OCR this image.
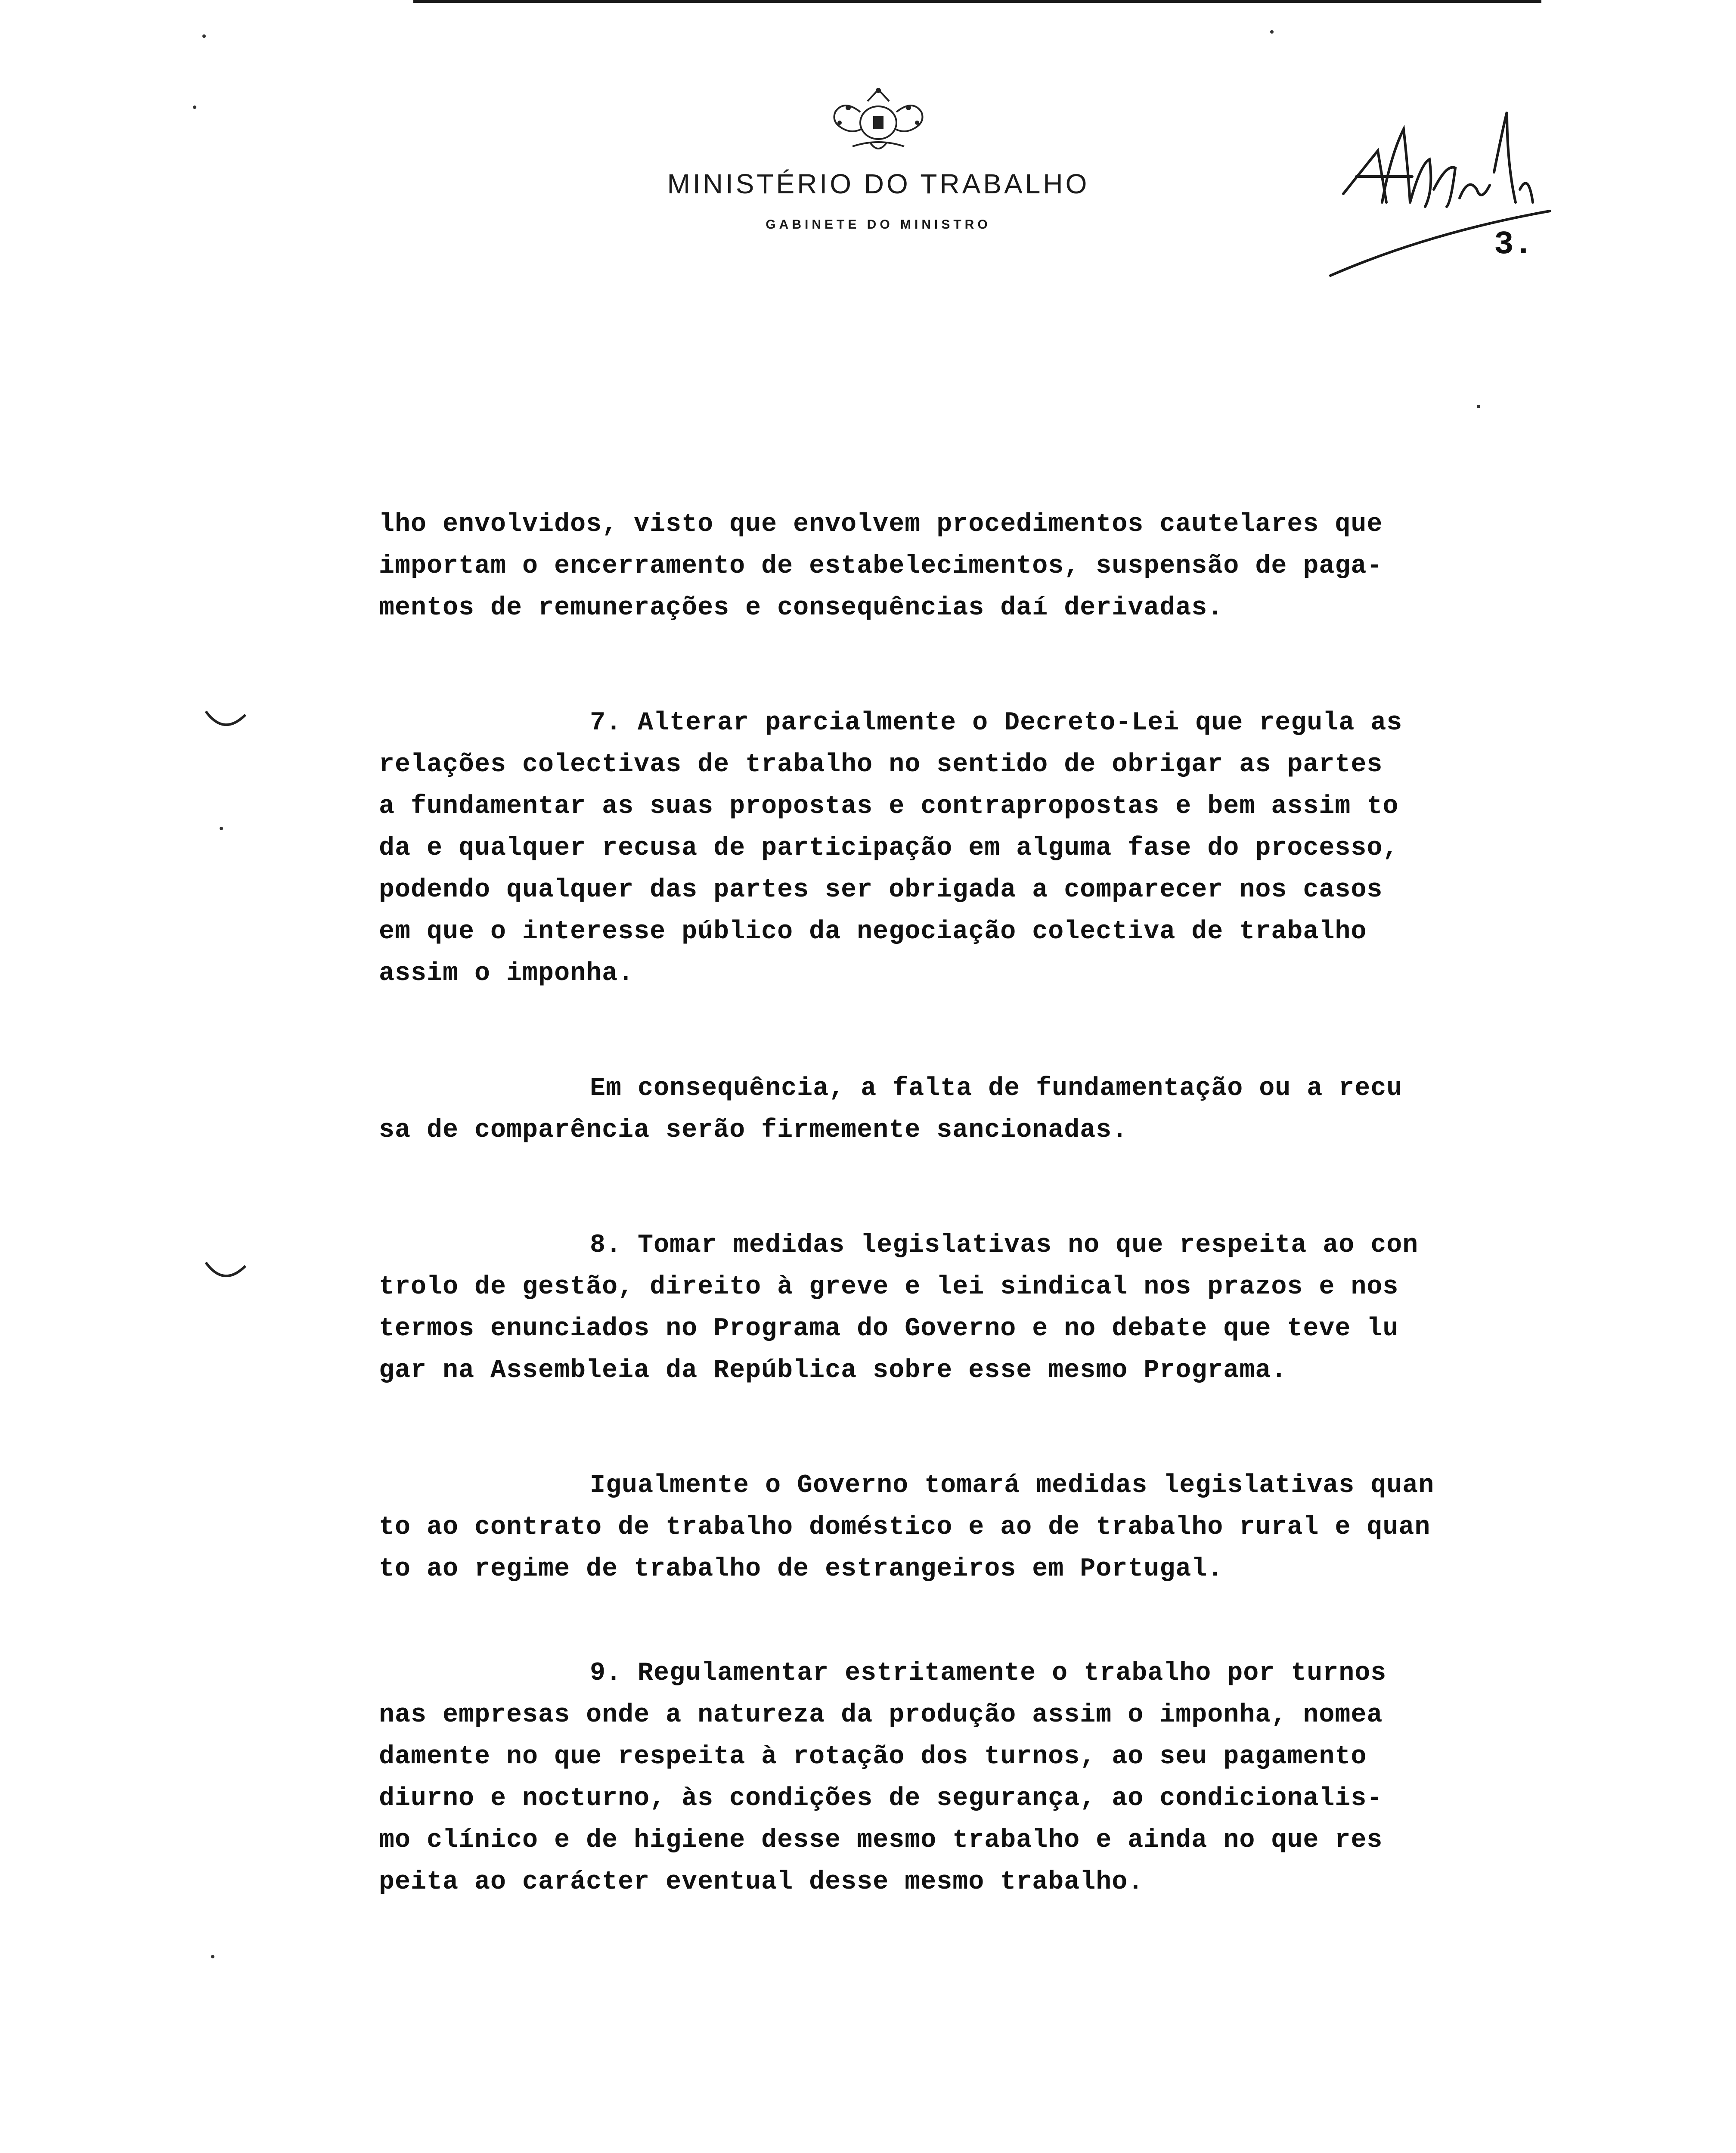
MINISTÉRIO DO TRABALHO
GABINETE DO MINISTRO
3.
lho envolvidos, visto que envolvem procedimentos cautelares que
importam o encerramento de estabelecimentos, suspensão de paga-
mentos de remunerações e consequências daí derivadas.
7. Alterar parcialmente o Decreto-Lei que regula as
relações colectivas de trabalho no sentido de obrigar as partes
a fundamentar as suas propostas e contrapropostas e bem assim to
da e qualquer recusa de participação em alguma fase do processo,
podendo qualquer das partes ser obrigada a comparecer nos casos
em que o interesse público da negociação colectiva de trabalho
assim o imponha.
Em consequência, a falta de fundamentação ou a recu
sa de comparência serão firmemente sancionadas.
8. Tomar medidas legislativas no que respeita ao con
trolo de gestão, direito à greve e lei sindical nos prazos e nos
termos enunciados no Programa do Governo e no debate que teve lu
gar na Assembleia da República sobre esse mesmo Programa.
Igualmente o Governo tomará medidas legislativas quan
to ao contrato de trabalho doméstico e ao de trabalho rural e quan
to ao regime de trabalho de estrangeiros em Portugal.
9. Regulamentar estritamente o trabalho por turnos
nas empresas onde a natureza da produção assim o imponha, nomea
damente no que respeita à rotação dos turnos, ao seu pagamento
diurno e nocturno, às condições de segurança, ao condicionalis-
mo clínico e de higiene desse mesmo trabalho e ainda no que res
peita ao carácter eventual desse mesmo trabalho.
